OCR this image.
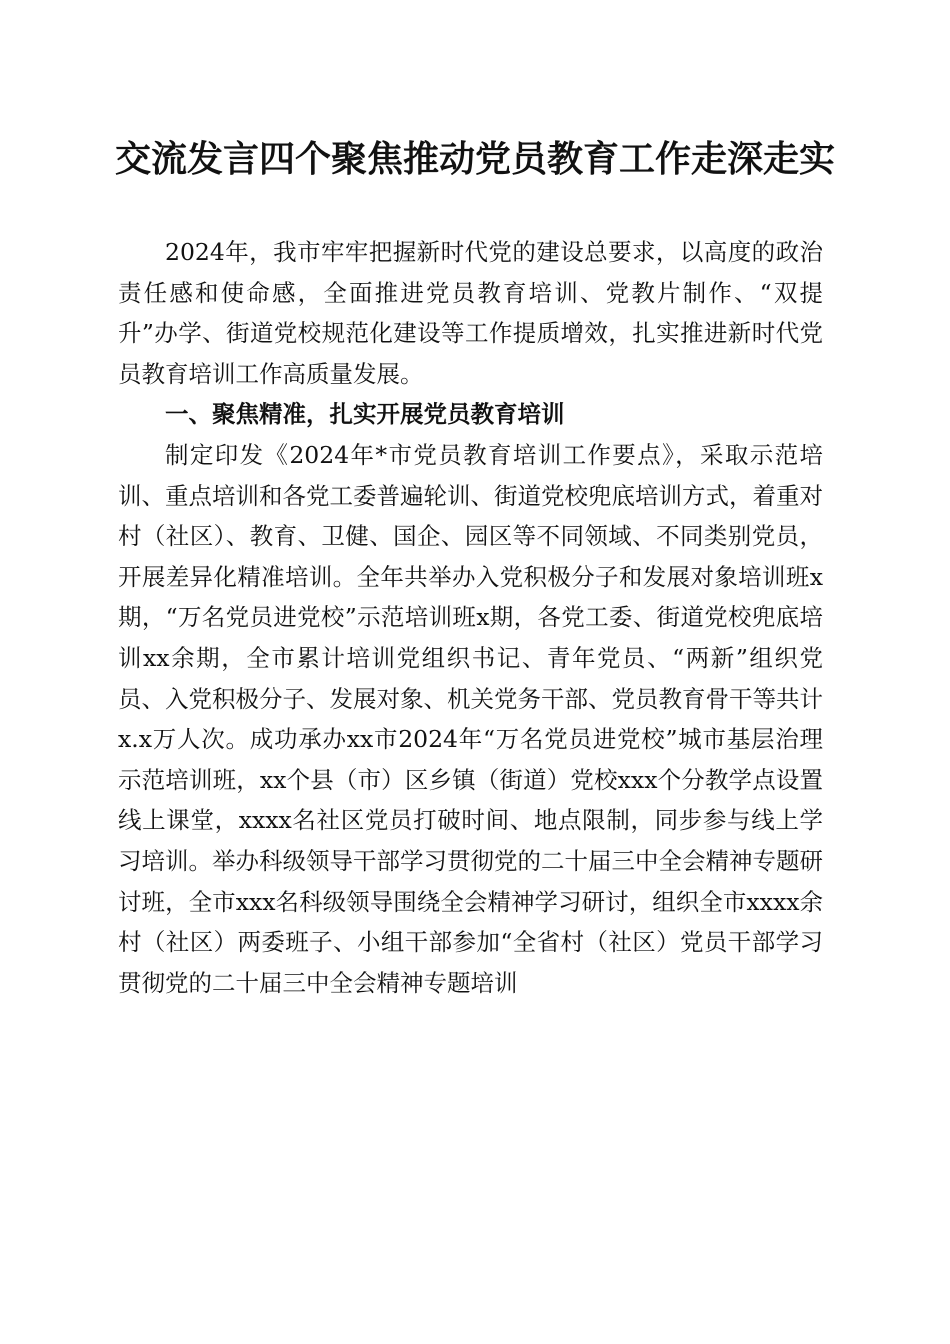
交流发言四个聚焦推动党员教育工作走深走实

2024年，我市牢牢把握新时代党的建设总要求，以高度的政治责任感和使命感，全面推进党员教育培训、党教片制作、“双提升”办学、街道党校规范化建设等工作提质增效，扎实推进新时代党员教育培训工作高质量发展。

一、聚焦精准，扎实开展党员教育培训

制定印发《2024年*市党员教育培训工作要点》，采取示范培训、重点培训和各党工委普遍轮训、街道党校兜底培训方式，着重对村（社区）、教育、卫健、国企、园区等不同领域、不同类别党员，开展差异化精准培训。全年共举办入党积极分子和发展对象培训班x期，“万名党员进党校”示范培训班x期，各党工委、街道党校兜底培训xx余期，全市累计培训党组织书记、青年党员、“两新”组织党员、入党积极分子、发展对象、机关党务干部、党员教育骨干等共计x.x万人次。成功承办xx市2024年“万名党员进党校”城市基层治理示范培训班，xx个县（市）区乡镇（街道）党校xxx个分教学点设置线上课堂，xxxx名社区党员打破时间、地点限制，同步参与线上学习培训。举办科级领导干部学习贯彻党的二十届三中全会精神专题研讨班，全市xxx名科级领导围绕全会精神学习研讨，组织全市xxxx余村（社区）两委班子、小组干部参加“全省村（社区）党员干部学习贯彻党的二十届三中全会精神专题培训
